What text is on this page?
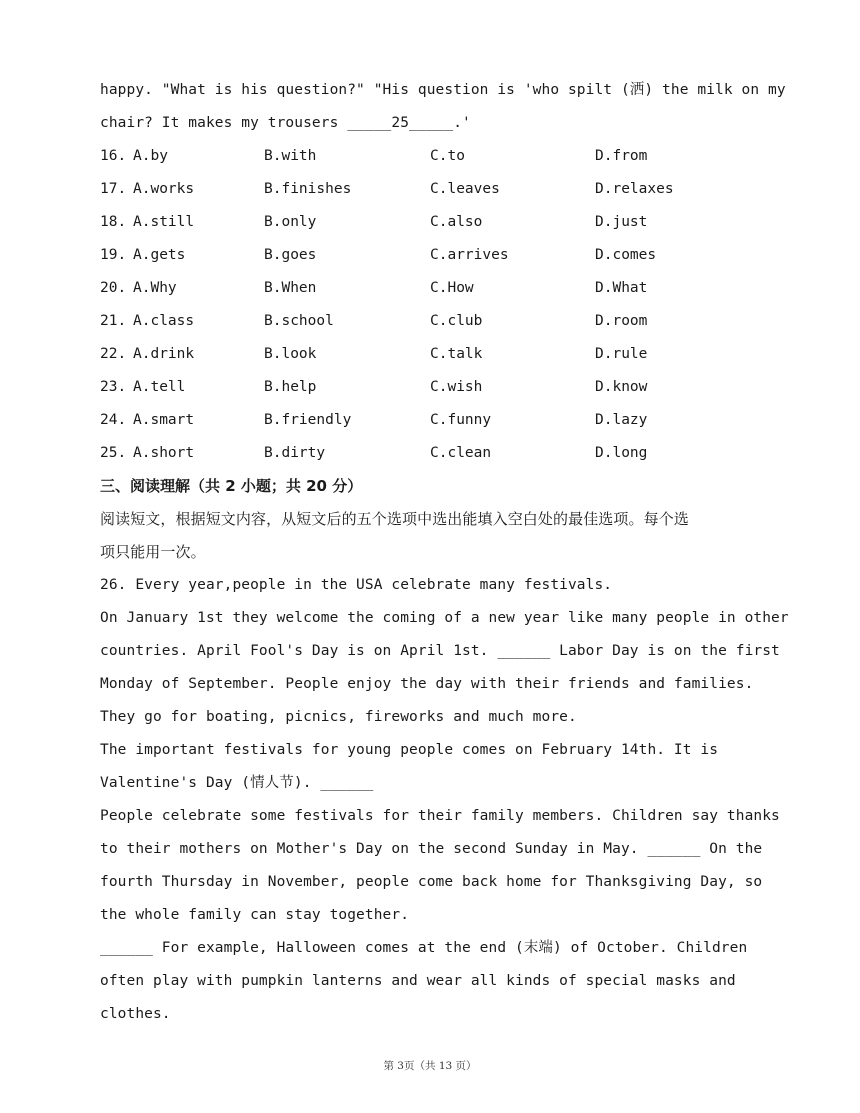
happy. "What is his question?" "His question is 'who spilt (洒) the milk on my
chair? It makes my trousers _____25_____.'
16. A.by	B.with	C.to	D.from
17. A.works	B.finishes	C.leaves	D.relaxes
18. A.still	B.only	C.also	D.just
19. A.gets	B.goes	C.arrives	D.comes
20. A.Why	B.When	C.How	D.What
21. A.class	B.school	C.club	D.room
22. A.drink	B.look	C.talk	D.rule
23. A.tell	B.help	C.wish	D.know
24. A.smart	B.friendly	C.funny	D.lazy
25. A.short	B.dirty	C.clean	D.long
三、阅读理解（共 2 小题；共 20 分）
阅读短文，根据短文内容，从短文后的五个选项中选出能填入空白处的最佳选项。每个选
项只能用一次。
26. Every year,people in the USA celebrate many festivals.
On January 1st they welcome the coming of a new year like many people in other
countries. April Fool's Day is on April 1st. ______ Labor Day is on the first
Monday of September. People enjoy the day with their friends and families.
They go for boating, picnics, fireworks and much more.
The important festivals for young people comes on February 14th. It is
Valentine's Day (情人节). ______
People celebrate some festivals for their family members. Children say thanks
to their mothers on Mother's Day on the second Sunday in May. ______ On the
fourth Thursday in November, people come back home for Thanksgiving Day, so
the whole family can stay together.
______ For example, Halloween comes at the end (末端) of October. Children
often play with pumpkin lanterns and wear all kinds of special masks and
clothes.
第 3页（共 13 页）
